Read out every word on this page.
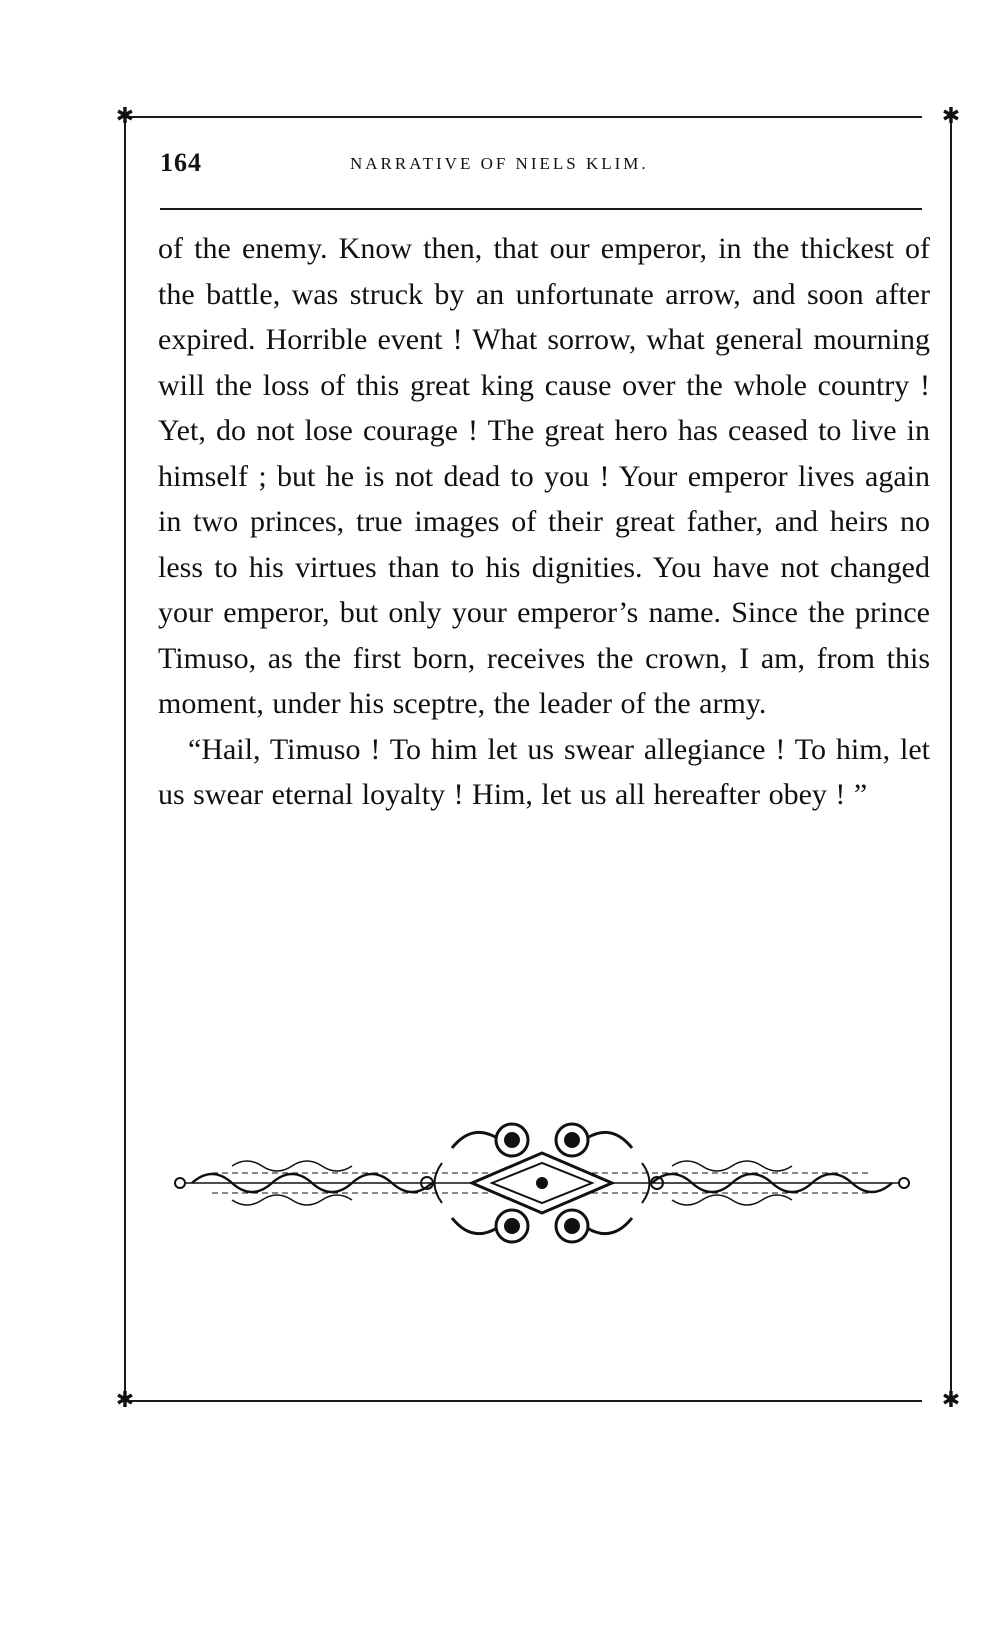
✱	✱
✱	✱
164	NARRATIVE OF NIELS KLIM.

of the enemy. Know then, that our emperor, in the thickest of the battle, was struck by an unfortunate arrow, and soon after expired. Horrible event ! What sorrow, what general mourning will the loss of this great king cause over the whole country ! Yet, do not lose courage ! The great hero has ceased to live in himself ; but he is not dead to you ! Your emperor lives again in two princes, true images of their great father, and heirs no less to his virtues than to his dignities. You have not changed your emperor, but only your emperor’s name. Since the prince Timuso, as the first born, receives the crown, I am, from this moment, under his sceptre, the leader of the army.

“Hail, Timuso ! To him let us swear allegiance ! To him, let us swear eternal loyalty ! Him, let us all hereafter obey ! ”
